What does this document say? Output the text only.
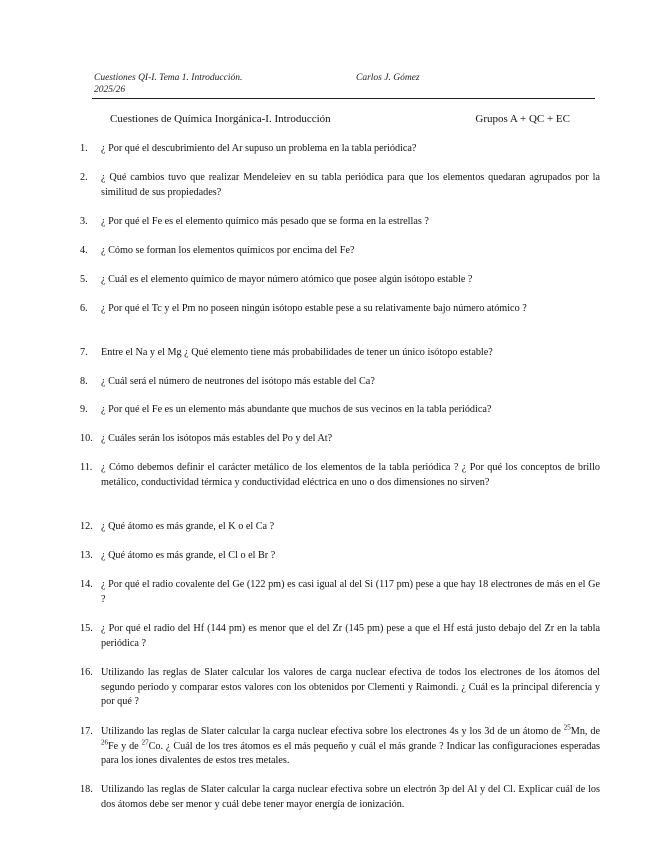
Cuestiones QI-I. Tema 1. Introducción.
2025/26
Carlos J. Gómez
Cuestiones de Química Inorgánica-I. Introducción	Grupos A + QC + EC
1. ¿ Por qué el descubrimiento del Ar supuso un problema en la tabla periódica?
2. ¿ Qué cambios tuvo que realizar Mendeleiev en su tabla periódica para que los elementos quedaran agrupados por la similitud de sus propiedades?
3. ¿ Por qué el Fe es el elemento químico más pesado que se forma en la estrellas ?
4. ¿ Cómo se forman los elementos químicos por encima del Fe?
5. ¿ Cuál es el elemento químico de mayor número atómico que posee algún isótopo estable ?
6. ¿ Por qué el Tc y el Pm no poseen ningún isótopo estable pese a su relativamente bajo número atómico ?
7. Entre el Na y el Mg ¿ Qué elemento tiene más probabilidades de tener un único isótopo estable?
8. ¿ Cuál será el número de neutrones del isótopo más estable del Ca?
9. ¿ Por qué el Fe es un elemento más abundante que muchos de sus vecinos en la tabla periódica?
10. ¿ Cuáles serán los isótopos más estables del Po y del At?
11. ¿ Cómo debemos definir el carácter metálico de los elementos de la tabla periódica ? ¿ Por qué los conceptos de brillo metálico, conductividad térmica y conductividad eléctrica en uno o dos dimensiones no sirven?
12. ¿ Qué átomo es más grande, el K o el Ca ?
13. ¿ Qué átomo es más grande, el Cl o el Br ?
14. ¿ Por qué el radio covalente del Ge (122 pm) es casi igual al del Si (117 pm) pese a que hay 18 electrones de más en el Ge ?
15. ¿ Por qué el radio del Hf (144 pm) es menor que el del Zr (145 pm) pese a que el Hf está justo debajo del Zr en la tabla periódica ?
16. Utilizando las reglas de Slater calcular los valores de carga nuclear efectiva de todos los electrones de los átomos del segundo periodo y comparar estos valores con los obtenidos por Clementi y Raimondi. ¿ Cuál es la principal diferencia y por qué ?
17. Utilizando las reglas de Slater calcular la carga nuclear efectiva sobre los electrones 4s y los 3d de un átomo de $^{25}$Mn, de $^{26}$Fe y de $^{27}$Co. ¿ Cuál de los tres átomos es el más pequeño y cuál el más grande ? Indicar las configuraciones esperadas para los iones divalentes de estos tres metales.
18. Utilizando las reglas de Slater calcular la carga nuclear efectiva sobre un electrón 3p del Al y del Cl. Explicar cuál de los dos átomos debe ser menor y cuál debe tener mayor energía de ionización.
